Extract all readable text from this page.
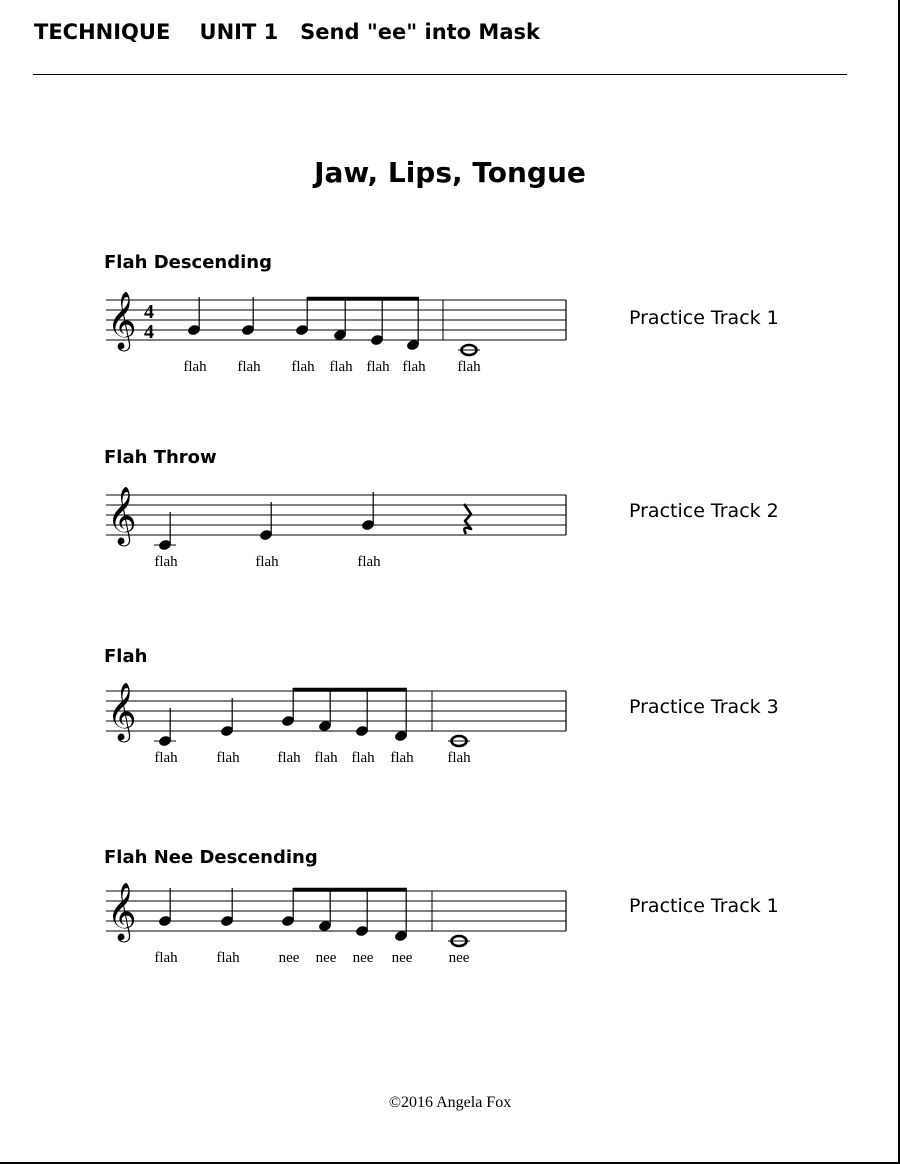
TECHNIQUE    UNIT 1   Send "ee" into Mask
Jaw, Lips, Tongue
Flah Descending
Practice Track 1
𝄞 4
4
flah flah flah flah flah flah flah
Flah Throw
Practice Track 2
𝄞
flah	flah	flah
Flah
Practice Track 3
𝄞
flah	flah	flah flah flah flah flah
Flah Nee Descending
Practice Track 1
𝄞
flah	flah	nee nee nee nee nee
©2016 Angela Fox
